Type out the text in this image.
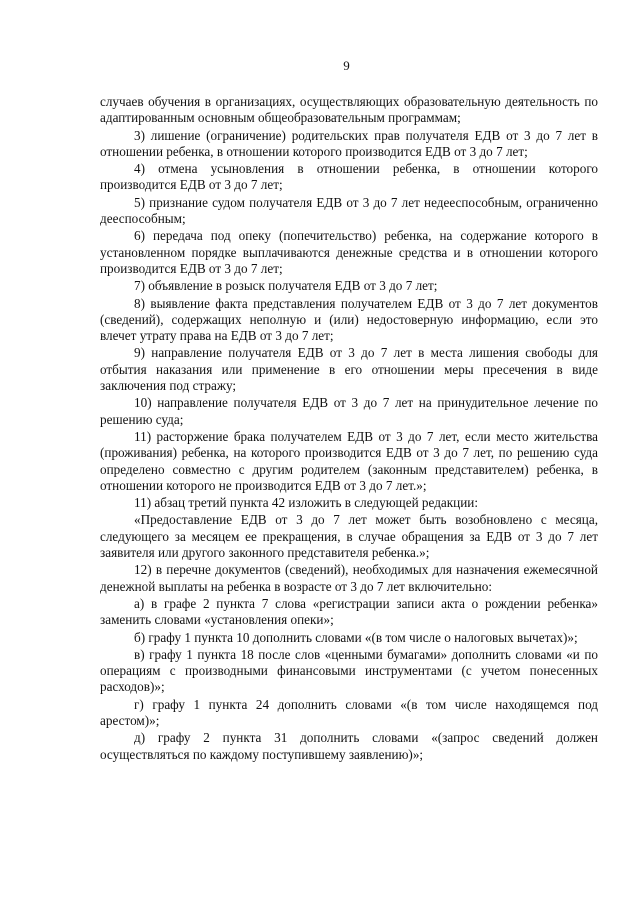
9

случаев обучения в организациях, осуществляющих образовательную деятельность по адаптированным основным общеобразовательным программам;

3) лишение (ограничение) родительских прав получателя ЕДВ от 3 до 7 лет в отношении ребенка, в отношении которого производится ЕДВ от 3 до 7 лет;

4) отмена усыновления в отношении ребенка, в отношении которого производится ЕДВ от 3 до 7 лет;

5) признание судом получателя ЕДВ от 3 до 7 лет недееспособным, ограниченно дееспособным;

6) передача под опеку (попечительство) ребенка, на содержание которого в установленном порядке выплачиваются денежные средства и в отношении которого производится ЕДВ от 3 до 7 лет;

7) объявление в розыск получателя ЕДВ от 3 до 7 лет;

8) выявление факта представления получателем ЕДВ от 3 до 7 лет документов (сведений), содержащих неполную и (или) недостоверную информацию, если это влечет утрату права на ЕДВ от 3 до 7 лет;

9) направление получателя ЕДВ от 3 до 7 лет в места лишения свободы для отбытия наказания или применение в его отношении меры пресечения в виде заключения под стражу;

10) направление получателя ЕДВ от 3 до 7 лет на принудительное лечение по решению суда;

11) расторжение брака получателем ЕДВ от 3 до 7 лет, если место жительства (проживания) ребенка, на которого производится ЕДВ от 3 до 7 лет, по решению суда определено совместно с другим родителем (законным представителем) ребенка, в отношении которого не производится ЕДВ от 3 до 7 лет.»;

11) абзац третий пункта 42 изложить в следующей редакции:

«Предоставление ЕДВ от 3 до 7 лет может быть возобновлено с месяца, следующего за месяцем ее прекращения, в случае обращения за ЕДВ от 3 до 7 лет заявителя или другого законного представителя ребенка.»;

12) в перечне документов (сведений), необходимых для назначения ежемесячной денежной выплаты на ребенка в возрасте от 3 до 7 лет включительно:

а) в графе 2 пункта 7 слова «регистрации записи акта о рождении ребенка» заменить словами «установления опеки»;

б) графу 1 пункта 10 дополнить словами «(в том числе о налоговых вычетах)»;

в) графу 1 пункта 18 после слов «ценными бумагами» дополнить словами «и по операциям с производными финансовыми инструментами (с учетом понесенных расходов)»;

г) графу 1 пункта 24 дополнить словами «(в том числе находящемся под арестом)»;

д) графу 2 пункта 31 дополнить словами «(запрос сведений должен осуществляться по каждому поступившему заявлению)»;
